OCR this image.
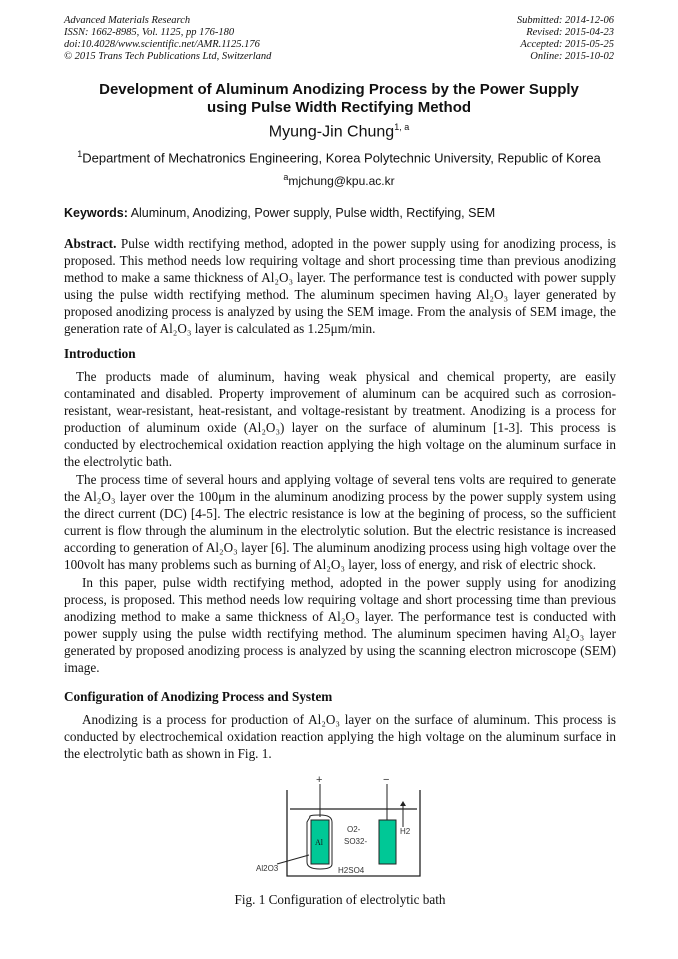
Advanced Materials Research
ISSN: 1662-8985, Vol. 1125, pp 176-180
doi:10.4028/www.scientific.net/AMR.1125.176
© 2015 Trans Tech Publications Ltd, Switzerland
Submitted: 2014-12-06
Revised: 2015-04-23
Accepted: 2015-05-25
Online: 2015-10-02
Development of Aluminum Anodizing Process by the Power Supply
using Pulse Width Rectifying Method
Myung-Jin Chung$^{1, a}$
$^1$Department of Mechatronics Engineering, Korea Polytechnic University, Republic of Korea
$^a$mjchung@kpu.ac.kr
Keywords: Aluminum, Anodizing, Power supply, Pulse width, Rectifying, SEM

Abstract. Pulse width rectifying method, adopted in the power supply using for anodizing process, is proposed. This method needs low requiring voltage and short processing time than previous anodizing method to make a same thickness of Al₂O₃ layer. The performance test is conducted with power supply using the pulse width rectifying method. The aluminum specimen having Al₂O₃ layer generated by proposed anodizing process is analyzed by using the SEM image. From the analysis of SEM image, the generation rate of Al₂O₃ layer is calculated as 1.25μm/min.

Introduction

The products made of aluminum, having weak physical and chemical property, are easily contaminated and disabled. Property improvement of aluminum can be acquired such as corrosion-resistant, wear-resistant, heat-resistant, and voltage-resistant by treatment. Anodizing is a process for production of aluminum oxide (Al₂O₃) layer on the surface of aluminum [1-3]. This process is conducted by electrochemical oxidation reaction applying the high voltage on the aluminum surface in the electrolytic bath.

The process time of several hours and applying voltage of several tens volts are required to generate the Al₂O₃ layer over the 100μm in the aluminum anodizing process by the power supply system using the direct current (DC) [4-5]. The electric resistance is low at the begining of process, so the sufficient current is flow through the aluminum in the electrolytic solution. But the electric resistance is increased according to generation of Al₂O₃ layer [6]. The aluminum anodizing process using high voltage over the 100volt has many problems such as burning of Al₂O₃ layer, loss of energy, and risk of electric shock.

In this paper, pulse width rectifying method, adopted in the power supply using for anodizing process, is proposed. This method needs low requiring voltage and short processing time than previous anodizing method to make a same thickness of Al₂O₃ layer. The performance test is conducted with power supply using the pulse width rectifying method. The aluminum specimen having Al₂O₃ layer generated by proposed anodizing process is analyzed by using the scanning electron microscope (SEM) image.

Configuration of Anodizing Process and System

Anodizing is a process for production of Al₂O₃ layer on the surface of aluminum. This process is conducted by electrochemical oxidation reaction applying the high voltage on the aluminum surface in the electrolytic bath as shown in Fig. 1.

+	−
Al
H2
O2-
SO32-
Al2O3	H2SO4
Fig. 1 Configuration of electrolytic bath
